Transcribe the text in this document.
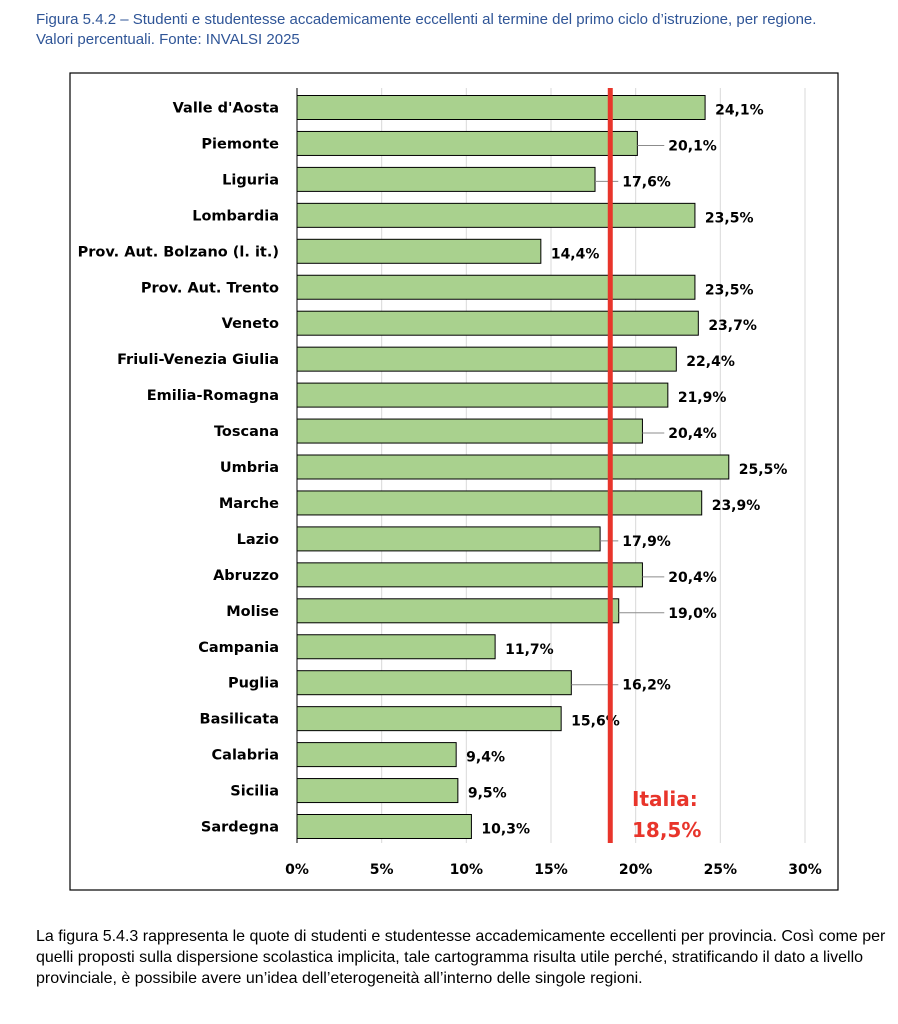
Figura 5.4.2 – Studenti e studentesse accademicamente eccellenti al termine del primo ciclo d’istruzione, per regione.
Valori percentuali. Fonte: INVALSI 2025

Valle d'Aosta
Piemonte
Liguria
Lombardia
Prov. Aut. Bolzano (l. it.)
Prov. Aut. Trento
Veneto
Friuli-Venezia Giulia
Emilia-Romagna
Toscana
Umbria
Marche
Lazio
Abruzzo
Molise
Campania
Puglia
Basilicata
Calabria
Sicilia
Sardegna
24,1%
20,1%
17,6%
23,5%
14,4%
23,5%
23,7%
22,4%
21,9%
20,4%
25,5%
23,9%
17,9%
20,4%
19,0%
11,7%
16,2%
15,6%
9,4%
9,5%
10,3%
0%	5%	10%	15%	20%	25%	30%
Italia:
18,5%

La figura 5.4.3 rappresenta le quote di studenti e studentesse accademicamente eccellenti per provincia. Così come per quelli proposti sulla dispersione scolastica implicita, tale cartogramma risulta utile perché, stratificando il dato a livello provinciale, è possibile avere un’idea dell’eterogeneità all’interno delle singole regioni.
